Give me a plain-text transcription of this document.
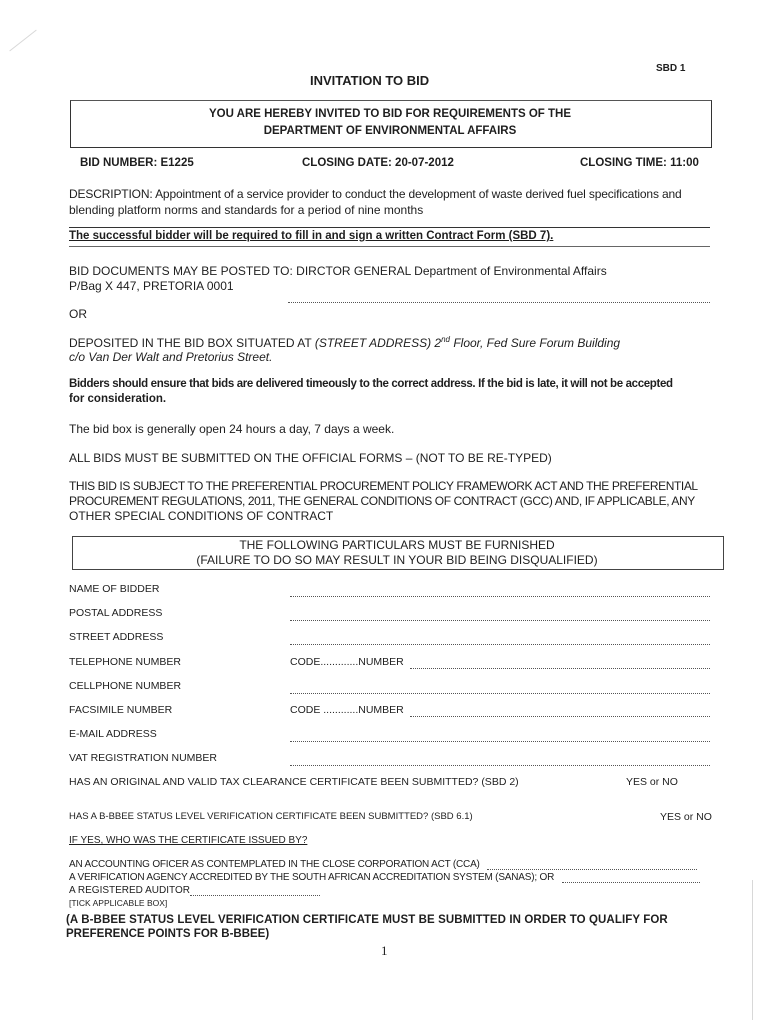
SBD 1
INVITATION TO BID
YOU ARE HEREBY INVITED TO BID FOR REQUIREMENTS OF THE
DEPARTMENT OF ENVIRONMENTAL AFFAIRS
BID NUMBER: E1225	CLOSING DATE: 20-07-2012	CLOSING TIME: 11:00
DESCRIPTION: Appointment of a service provider to conduct the development of waste derived fuel specifications and
blending platform norms and standards for a period of nine months
The successful bidder will be required to fill in and sign a written Contract Form (SBD 7).
BID DOCUMENTS MAY BE POSTED TO: DIRCTOR GENERAL Department of Environmental Affairs
P/Bag X 447, PRETORIA 0001
OR
DEPOSITED IN THE BID BOX SITUATED AT (STREET ADDRESS) 2nd Floor, Fed Sure Forum Building
c/o Van Der Walt and Pretorius Street.
Bidders should ensure that bids are delivered timeously to the correct address. If the bid is late, it will not be accepted
for consideration.
The bid box is generally open 24 hours a day, 7 days a week.
ALL BIDS MUST BE SUBMITTED ON THE OFFICIAL FORMS – (NOT TO BE RE-TYPED)
THIS BID IS SUBJECT TO THE PREFERENTIAL PROCUREMENT POLICY FRAMEWORK ACT AND THE PREFERENTIAL
PROCUREMENT REGULATIONS, 2011, THE GENERAL CONDITIONS OF CONTRACT (GCC) AND, IF APPLICABLE, ANY
OTHER SPECIAL CONDITIONS OF CONTRACT
THE FOLLOWING PARTICULARS MUST BE FURNISHED
(FAILURE TO DO SO MAY RESULT IN YOUR BID BEING DISQUALIFIED)
NAME OF BIDDER
POSTAL ADDRESS
STREET ADDRESS
TELEPHONE NUMBER	CODE.............NUMBER
CELLPHONE NUMBER
FACSIMILE NUMBER	CODE ............NUMBER
E-MAIL ADDRESS
VAT REGISTRATION NUMBER
HAS AN ORIGINAL AND VALID TAX CLEARANCE CERTIFICATE BEEN SUBMITTED? (SBD 2)	YES or NO
HAS A B-BBEE STATUS LEVEL VERIFICATION CERTIFICATE BEEN SUBMITTED? (SBD 6.1)	YES or NO
IF YES, WHO WAS THE CERTIFICATE ISSUED BY?
AN ACCOUNTING OFICER AS CONTEMPLATED IN THE CLOSE CORPORATION ACT (CCA)
A VERIFICATION AGENCY ACCREDITED BY THE SOUTH AFRICAN ACCREDITATION SYSTEM (SANAS); OR
A REGISTERED AUDITOR
[TICK APPLICABLE BOX]
(A B-BBEE STATUS LEVEL VERIFICATION CERTIFICATE MUST BE SUBMITTED IN ORDER TO QUALIFY FOR
PREFERENCE POINTS FOR B-BBEE)
1
